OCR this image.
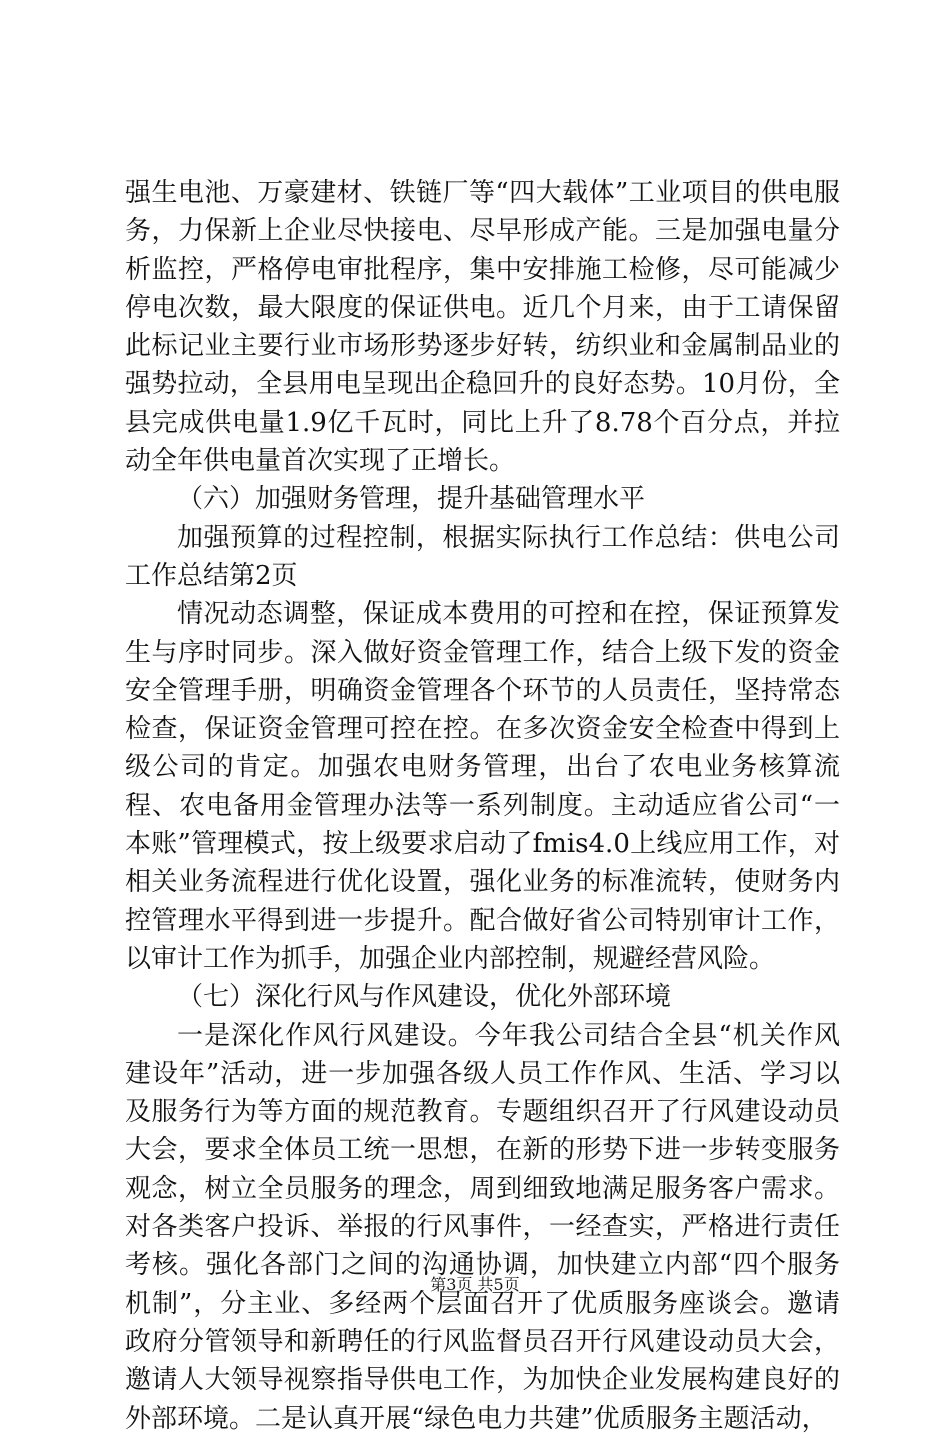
强生电池、万豪建材、铁链厂等“四大载体”工业项目的供电服务，力保新上企业尽快接电、尽早形成产能。三是加强电量分析监控，严格停电审批程序，集中安排施工检修，尽可能减少停电次数，最大限度的保证供电。近几个月来，由于工请保留此标记业主要行业市场形势逐步好转，纺织业和金属制品业的强势拉动，全县用电呈现出企稳回升的良好态势。10月份，全县完成供电量1.9亿千瓦时，同比上升了8.78个百分点，并拉动全年供电量首次实现了正增长。

（六）加强财务管理，提升基础管理水平

加强预算的过程控制，根据实际执行工作总结：供电公司工作总结第2页

情况动态调整，保证成本费用的可控和在控，保证预算发生与序时同步。深入做好资金管理工作，结合上级下发的资金安全管理手册，明确资金管理各个环节的人员责任，坚持常态检查，保证资金管理可控在控。在多次资金安全检查中得到上级公司的肯定。加强农电财务管理，出台了农电业务核算流程、农电备用金管理办法等一系列制度。主动适应省公司“一本账”管理模式，按上级要求启动了fmis4.0上线应用工作，对相关业务流程进行优化设置，强化业务的标准流转，使财务内控管理水平得到进一步提升。配合做好省公司特别审计工作，以审计工作为抓手，加强企业内部控制，规避经营风险。

（七）深化行风与作风建设，优化外部环境

一是深化作风行风建设。今年我公司结合全县“机关作风建设年”活动，进一步加强各级人员工作作风、生活、学习以及服务行为等方面的规范教育。专题组织召开了行风建设动员大会，要求全体员工统一思想，在新的形势下进一步转变服务观念，树立全员服务的理念，周到细致地满足服务客户需求。对各类客户投诉、举报的行风事件，一经查实，严格进行责任考核。强化各部门之间的沟通协调，加快建立内部“四个服务机制”，分主业、多经两个层面召开了优质服务座谈会。邀请政府分管领导和新聘任的行风监督员召开行风建设动员大会，邀请人大领导视察指导供电工作，为加快企业发展构建良好的外部环境。二是认真开展“绿色电力共建”优质服务主题活动，

第3页 共5页
